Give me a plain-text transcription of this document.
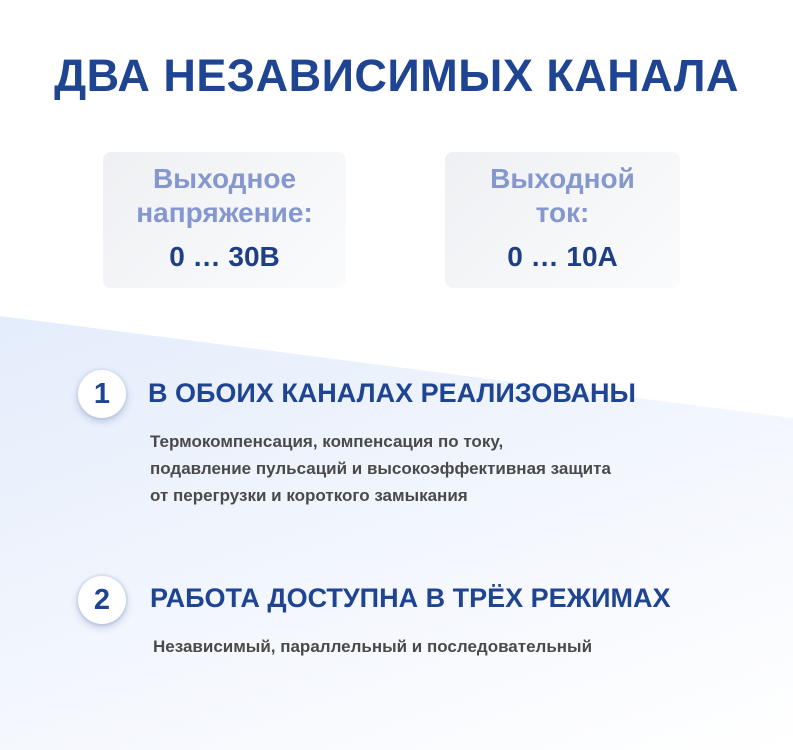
ДВА НЕЗАВИСИМЫХ КАНАЛА
Выходное
напряжение:
0 … 30В
Выходной
ток:
0 … 10А
1	В ОБОИХ КАНАЛАХ РЕАЛИЗОВАНЫ

Термокомпенсация, компенсация по току,
подавление пульсаций и высокоэффективная защита
от перегрузки и короткого замыкания

2	РАБОТА ДОСТУПНА В ТРЁХ РЕЖИМАХ

Независимый, параллельный и последовательный
